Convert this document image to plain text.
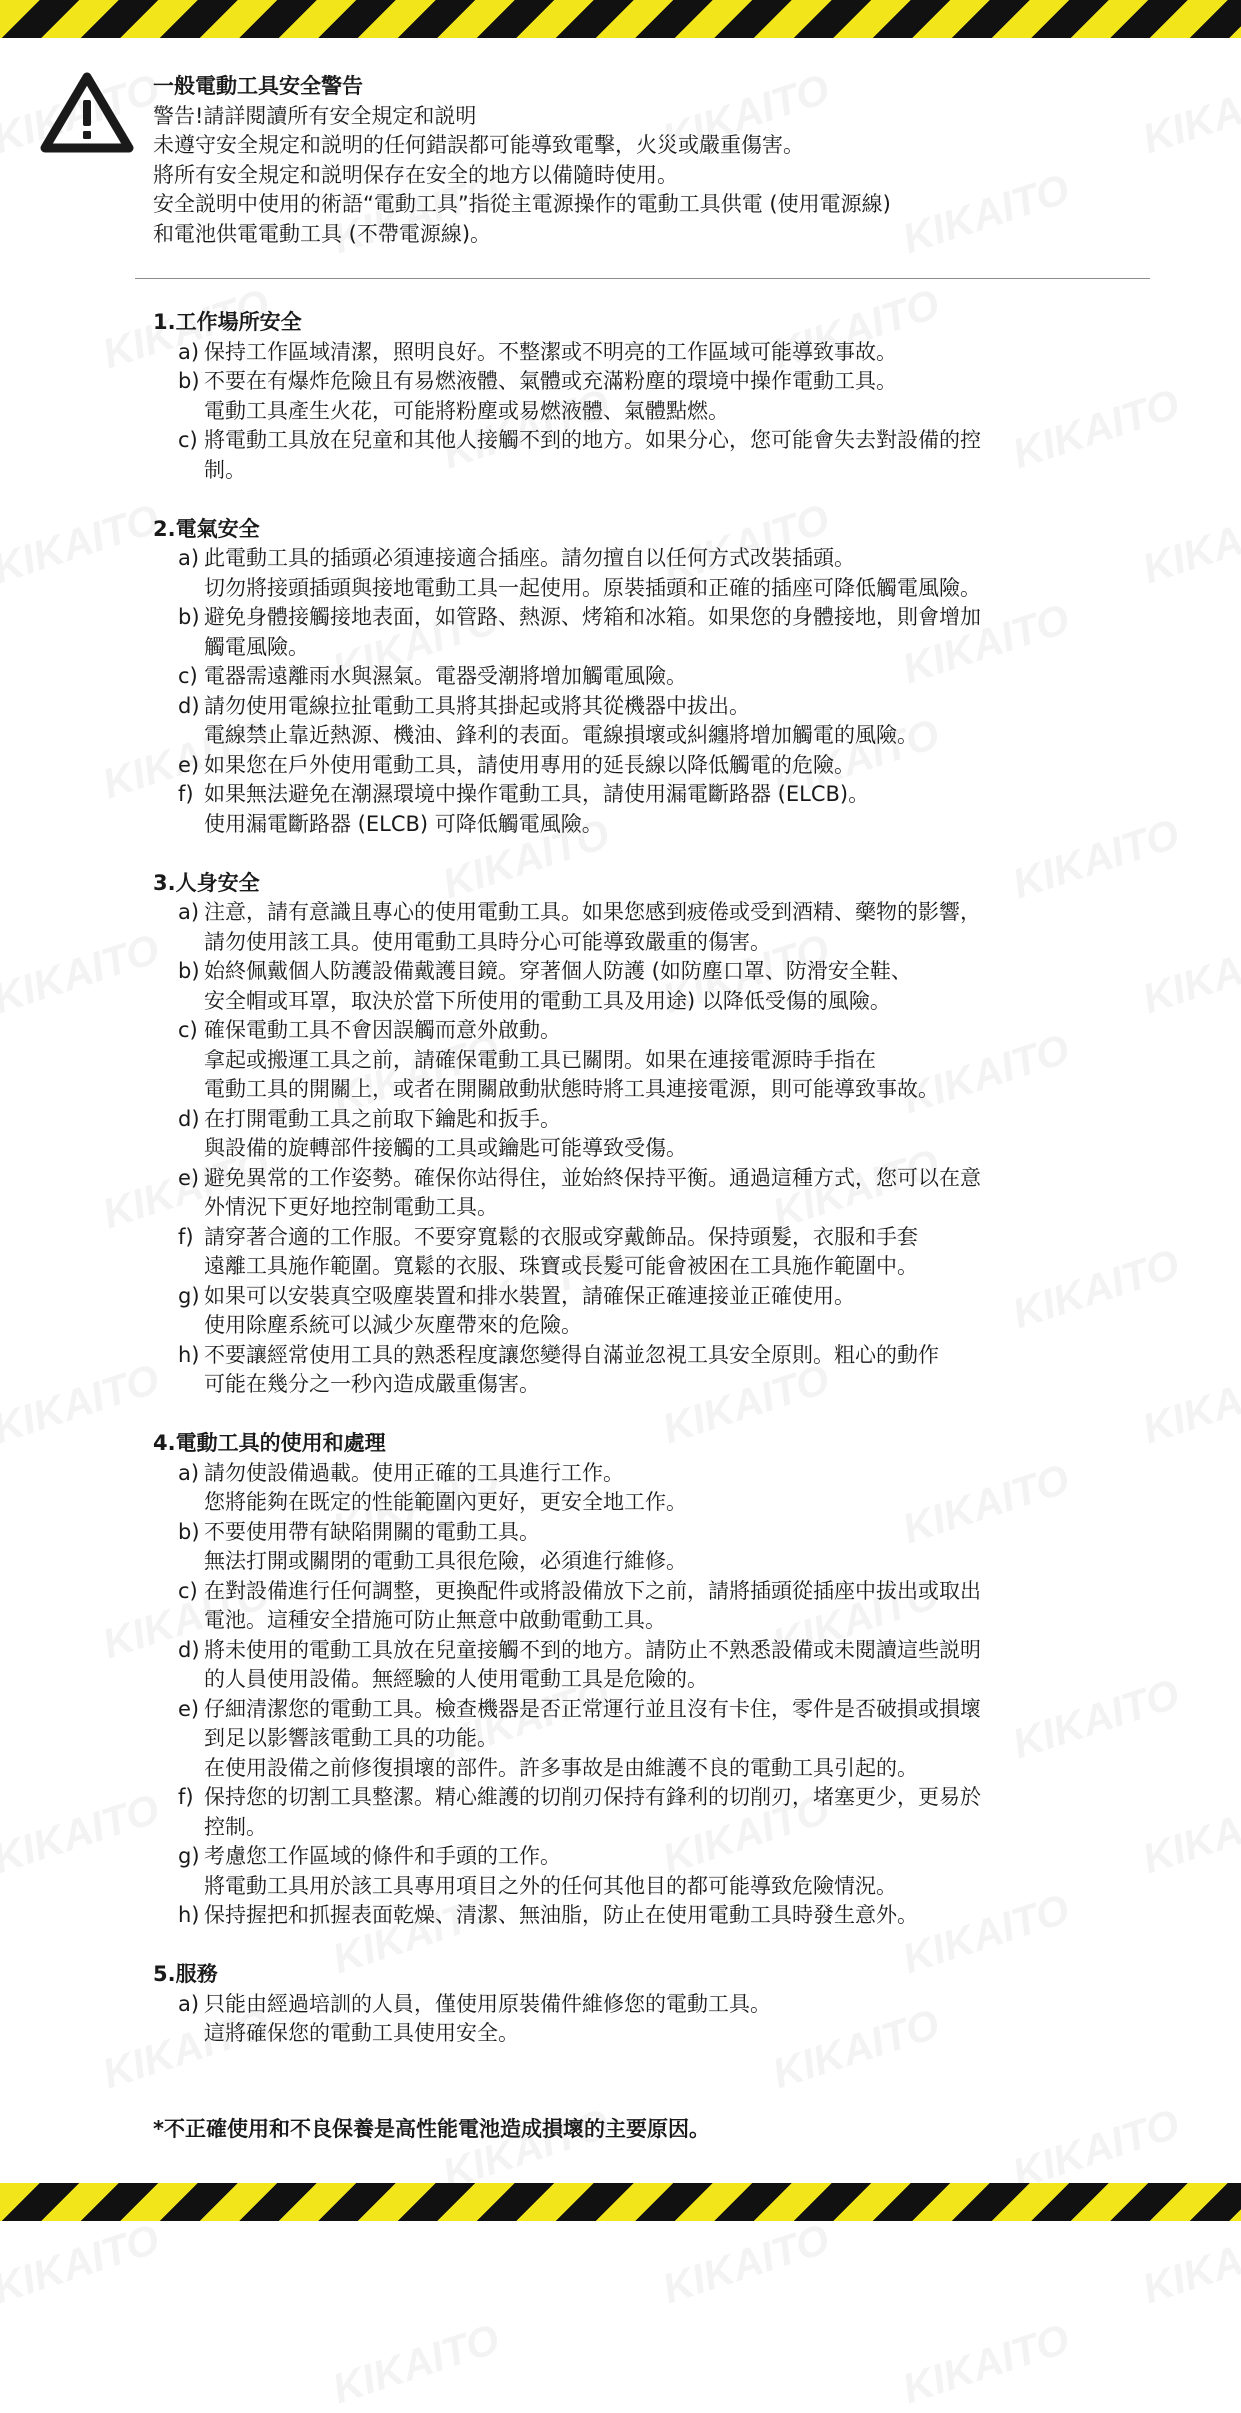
一般電動工具安全警告
警告!請詳閱讀所有安全規定和説明
未遵守安全規定和説明的任何錯誤都可能導致電擊，火災或嚴重傷害。
將所有安全規定和説明保存在安全的地方以備隨時使用。
安全説明中使用的術語“電動工具”指從主電源操作的電動工具供電 (使用電源線)
和電池供電電動工具 (不帶電源線)。
1.工作場所安全
a) 保持工作區域清潔，照明良好。不整潔或不明亮的工作區域可能導致事故。
b) 不要在有爆炸危險且有易燃液體、氣體或充滿粉塵的環境中操作電動工具。
電動工具產生火花，可能將粉塵或易燃液體、氣體點燃。
c) 將電動工具放在兒童和其他人接觸不到的地方。如果分心，您可能會失去對設備的控
制。
2.電氣安全
a) 此電動工具的插頭必須連接適合插座。請勿擅自以任何方式改裝插頭。
切勿將接頭插頭與接地電動工具一起使用。原裝插頭和正確的插座可降低觸電風險。
b) 避免身體接觸接地表面，如管路、熱源、烤箱和冰箱。如果您的身體接地，則會增加
觸電風險。
c) 電器需遠離雨水與濕氣。電器受潮將增加觸電風險。
d) 請勿使用電線拉扯電動工具將其掛起或將其從機器中拔出。
電線禁止靠近熱源、機油、鋒利的表面。電線損壞或糾纏將增加觸電的風險。
e) 如果您在戶外使用電動工具，請使用專用的延長線以降低觸電的危險。
f) 如果無法避免在潮濕環境中操作電動工具，請使用漏電斷路器 (ELCB)。
使用漏電斷路器 (ELCB) 可降低觸電風險。
3.人身安全
a) 注意，請有意識且專心的使用電動工具。如果您感到疲倦或受到酒精、藥物的影響，
請勿使用該工具。使用電動工具時分心可能導致嚴重的傷害。
b) 始終佩戴個人防護設備戴護目鏡。穿著個人防護 (如防塵口罩、防滑安全鞋、
安全帽或耳罩，取決於當下所使用的電動工具及用途) 以降低受傷的風險。
c) 確保電動工具不會因誤觸而意外啟動。
拿起或搬運工具之前，請確保電動工具已關閉。如果在連接電源時手指在
電動工具的開關上，或者在開關啟動狀態時將工具連接電源，則可能導致事故。
d) 在打開電動工具之前取下鑰匙和扳手。
與設備的旋轉部件接觸的工具或鑰匙可能導致受傷。
e) 避免異常的工作姿勢。確保你站得住，並始終保持平衡。通過這種方式，您可以在意
外情況下更好地控制電動工具。
f) 請穿著合適的工作服。不要穿寬鬆的衣服或穿戴飾品。保持頭髮，衣服和手套
遠離工具施作範圍。寬鬆的衣服、珠寶或長髮可能會被困在工具施作範圍中。
g) 如果可以安裝真空吸塵裝置和排水裝置，請確保正確連接並正確使用。
使用除塵系統可以減少灰塵帶來的危險。
h) 不要讓經常使用工具的熟悉程度讓您變得自滿並忽視工具安全原則。粗心的動作
可能在幾分之一秒內造成嚴重傷害。
4.電動工具的使用和處理
a) 請勿使設備過載。使用正確的工具進行工作。
您將能夠在既定的性能範圍內更好，更安全地工作。
b) 不要使用帶有缺陷開關的電動工具。
無法打開或關閉的電動工具很危險，必須進行維修。
c) 在對設備進行任何調整，更換配件或將設備放下之前，請將插頭從插座中拔出或取出
電池。這種安全措施可防止無意中啟動電動工具。
d) 將未使用的電動工具放在兒童接觸不到的地方。請防止不熟悉設備或未閱讀這些説明
的人員使用設備。無經驗的人使用電動工具是危險的。
e) 仔細清潔您的電動工具。檢查機器是否正常運行並且沒有卡住，零件是否破損或損壞
到足以影響該電動工具的功能。
在使用設備之前修復損壞的部件。許多事故是由維護不良的電動工具引起的。
f) 保持您的切割工具整潔。精心維護的切削刃保持有鋒利的切削刃，堵塞更少，更易於
控制。
g) 考慮您工作區域的條件和手頭的工作。
將電動工具用於該工具專用項目之外的任何其他目的都可能導致危險情況。
h) 保持握把和抓握表面乾燥、清潔、無油脂，防止在使用電動工具時發生意外。
5.服務
a) 只能由經過培訓的人員，僅使用原裝備件維修您的電動工具。
這將確保您的電動工具使用安全。
*不正確使用和不良保養是高性能電池造成損壞的主要原因。
